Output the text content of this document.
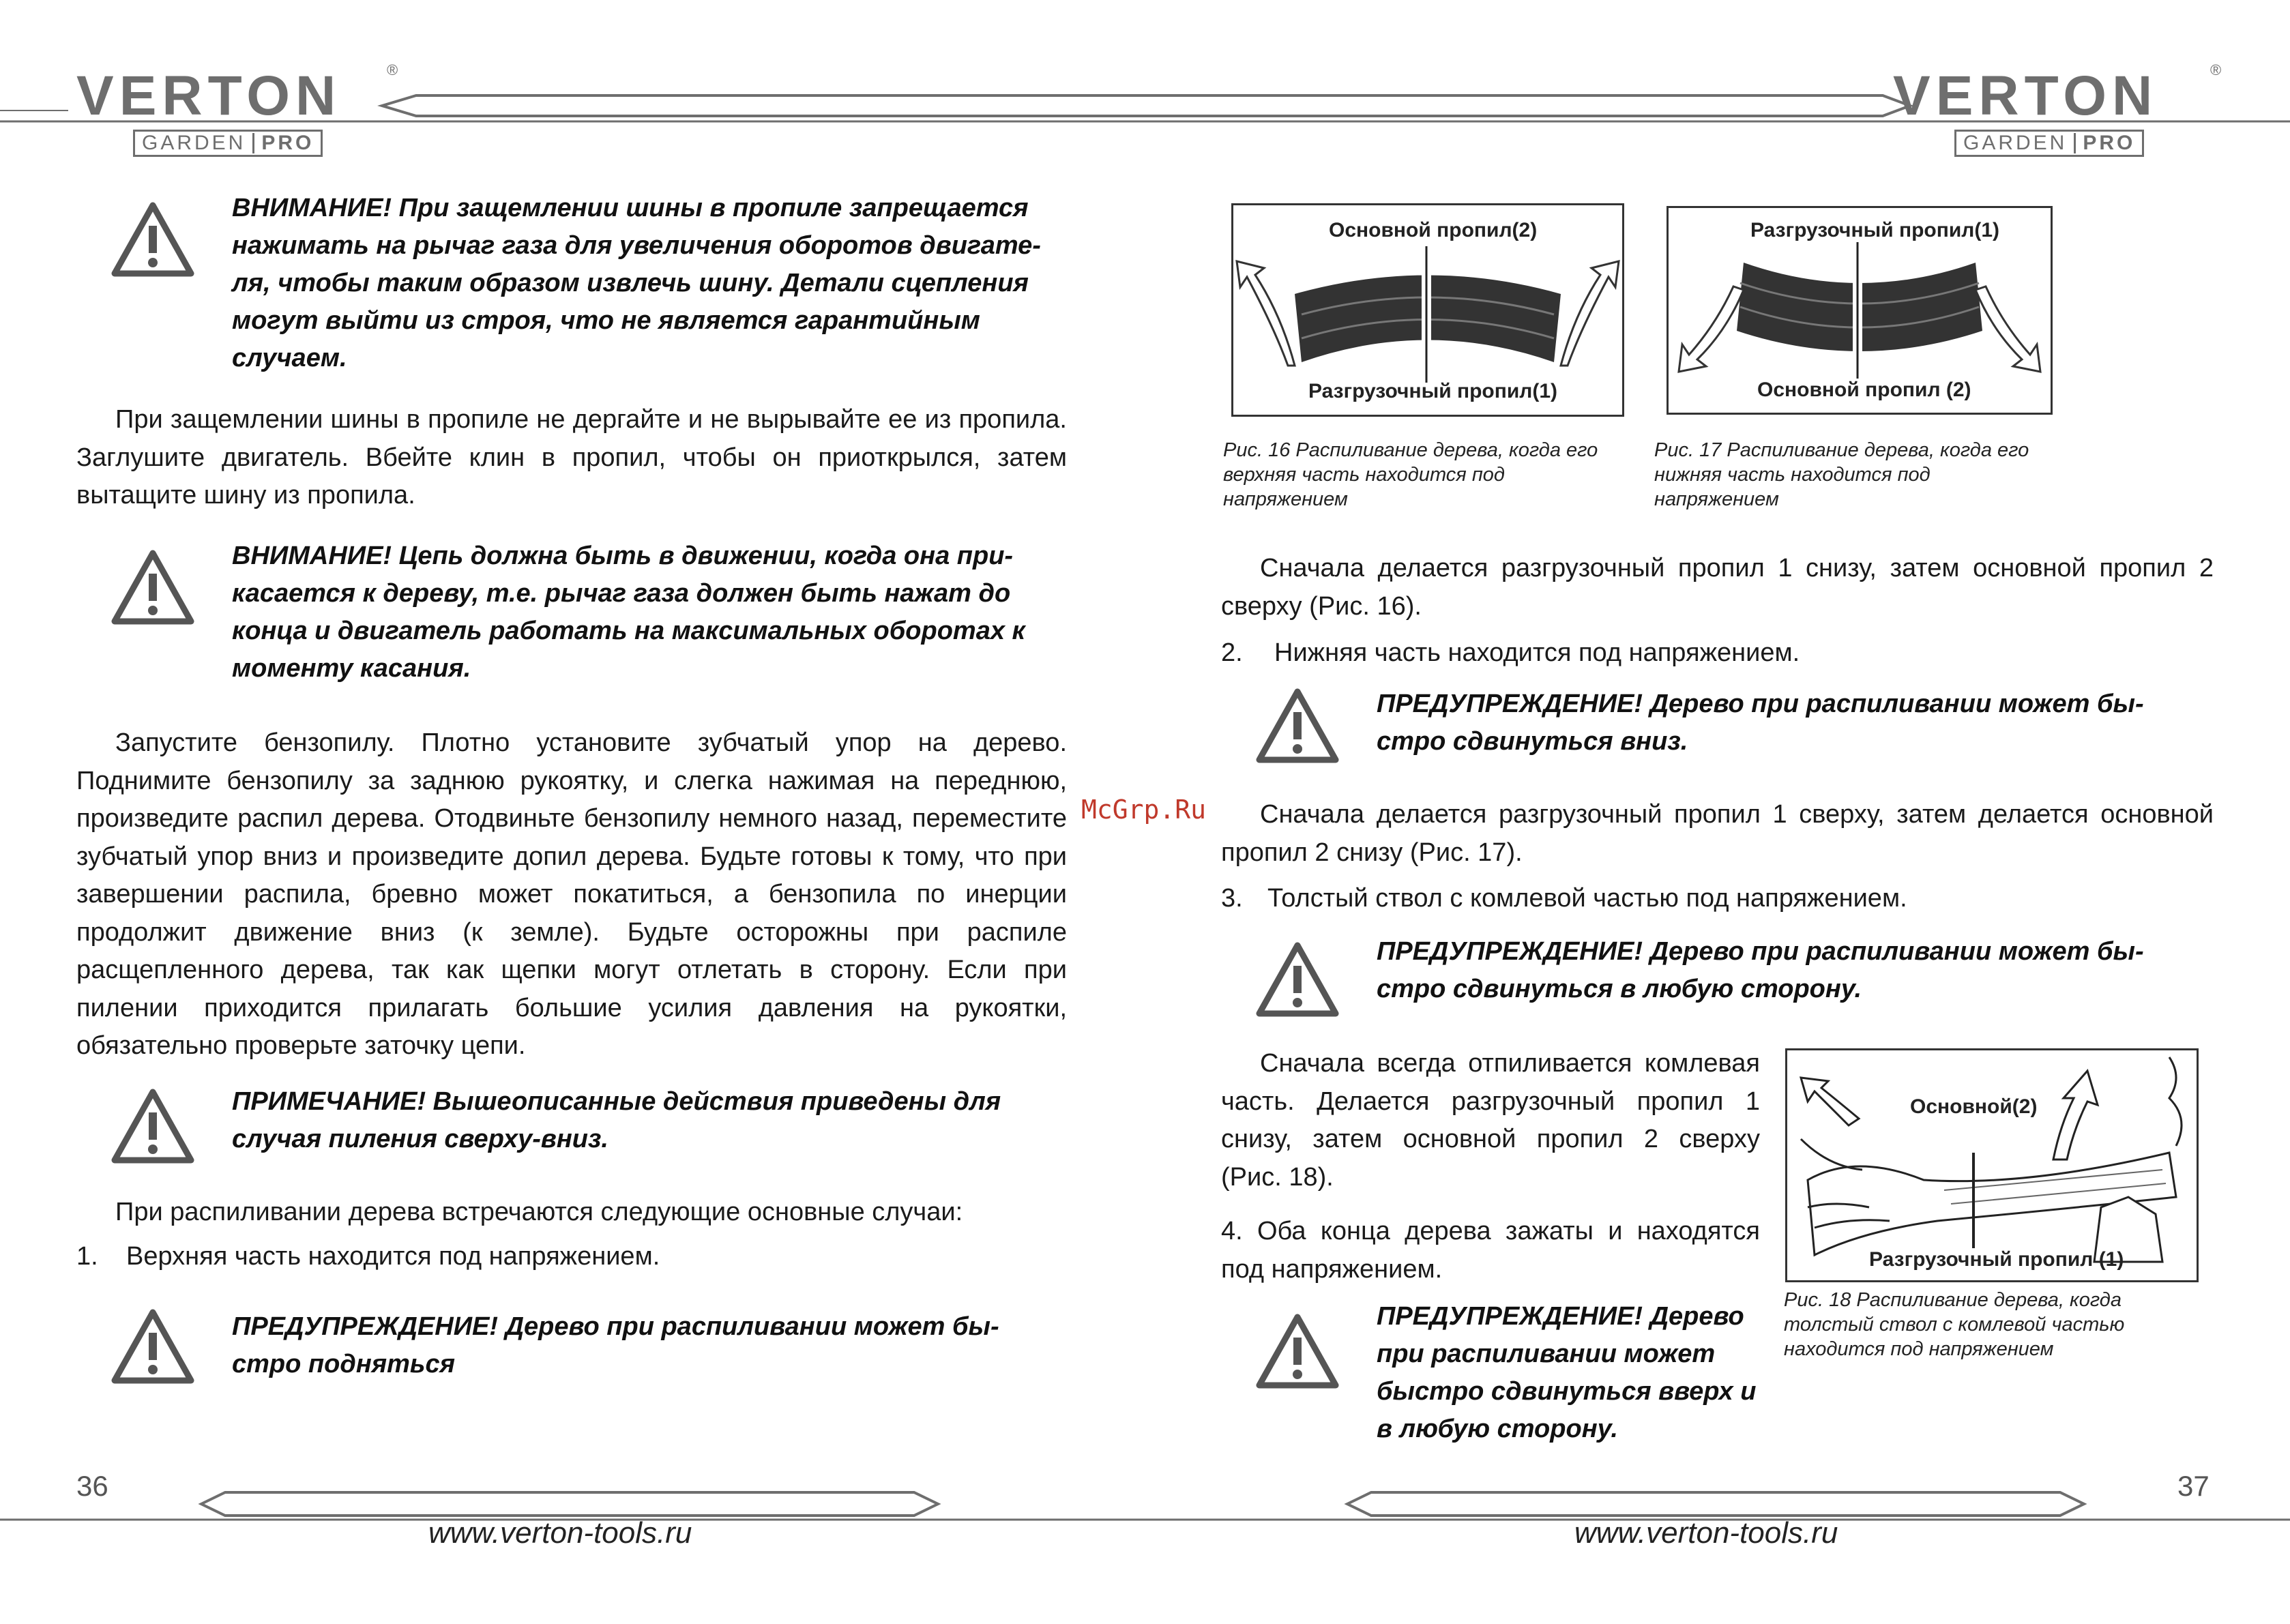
VERTON	®
GARDEN PRO
VERTON	®
GARDEN PRO
ВНИМАНИЕ! При защемлении шины в пропиле запрещается нажимать на рычаг газа для увеличения оборотов двигате-ля, чтобы таким образом извлечь шину. Детали сцепления могут выйти из строя, что не является гарантийным случаем.
При защемлении шины в пропиле не дергайте и не вырывайте ее из пропила. Заглушите двигатель. Вбейте клин в пропил, чтобы он приоткрылся, затем вытащите шину из пропила.
ВНИМАНИЕ! Цепь должна быть в движении, когда она при-касается к дереву, т.е. рычаг газа должен быть нажат до конца и двигатель работать на максимальных оборотах к моменту касания.
Запустите бензопилу. Плотно установите зубчатый упор на дерево. Поднимите бензопилу за заднюю рукоятку, и слегка нажимая на переднюю, произведите распил дерева. Отодвиньте бензопилу немного назад, переместите зубчатый упор вниз и произведите допил дерева. Будьте готовы к тому, что при завершении распила, бревно может покатиться, а бензопила по инерции продолжит движение вниз (к земле). Будьте осторожны при распиле расщепленного дерева, так как щепки могут отлетать в сторону. Если при пилении приходится прилагать большие усилия давления на рукоятки, обязательно проверьте заточку цепи.
ПРИМЕЧАНИЕ! Вышеописанные действия приведены для случая пиления сверху-вниз.
При распиливании дерева встречаются следующие основные случаи:
1. Верхняя часть находится под напряжением.
ПРЕДУПРЕЖДЕНИЕ! Дерево при распиливании может бы-стро подняться
McGrp.Ru
Основной пропил(2)
Разгрузочный пропил(1)
Рис. 16 Распиливание дерева, когда его верхняя часть находится под напряжением
Разгрузочный пропил(1)
Основной пропил (2)
Рис. 17 Распиливание дерева, когда его нижняя часть находится под напряжением
Сначала делается разгрузочный пропил 1 снизу, затем основной пропил 2 сверху (Рис. 16).
2. Нижняя часть находится под напряжением.
ПРЕДУПРЕЖДЕНИЕ! Дерево при распиливании может бы-стро сдвинуться вниз.
Сначала делается разгрузочный пропил 1 сверху, затем делается основной пропил 2 снизу (Рис. 17).
3. Толстый ствол с комлевой частью под напряжением.
ПРЕДУПРЕЖДЕНИЕ! Дерево при распиливании может бы-стро сдвинуться в любую сторону.
Сначала всегда отпиливается комлевая часть. Делается разгрузочный пропил 1 снизу, затем основной пропил 2 сверху (Рис. 18).
4. Оба конца дерева зажаты и находятся под напряжением.
ПРЕДУПРЕЖДЕНИЕ! Дерево при распиливании может быстро сдвинуться вверх и в любую сторону.
Основной(2)
Разгрузочный пропил (1)
Рис. 18 Распиливание дерева, когда толстый ствол с комлевой частью находится под напряжением
36	37
www.verton-tools.ru	www.verton-tools.ru
